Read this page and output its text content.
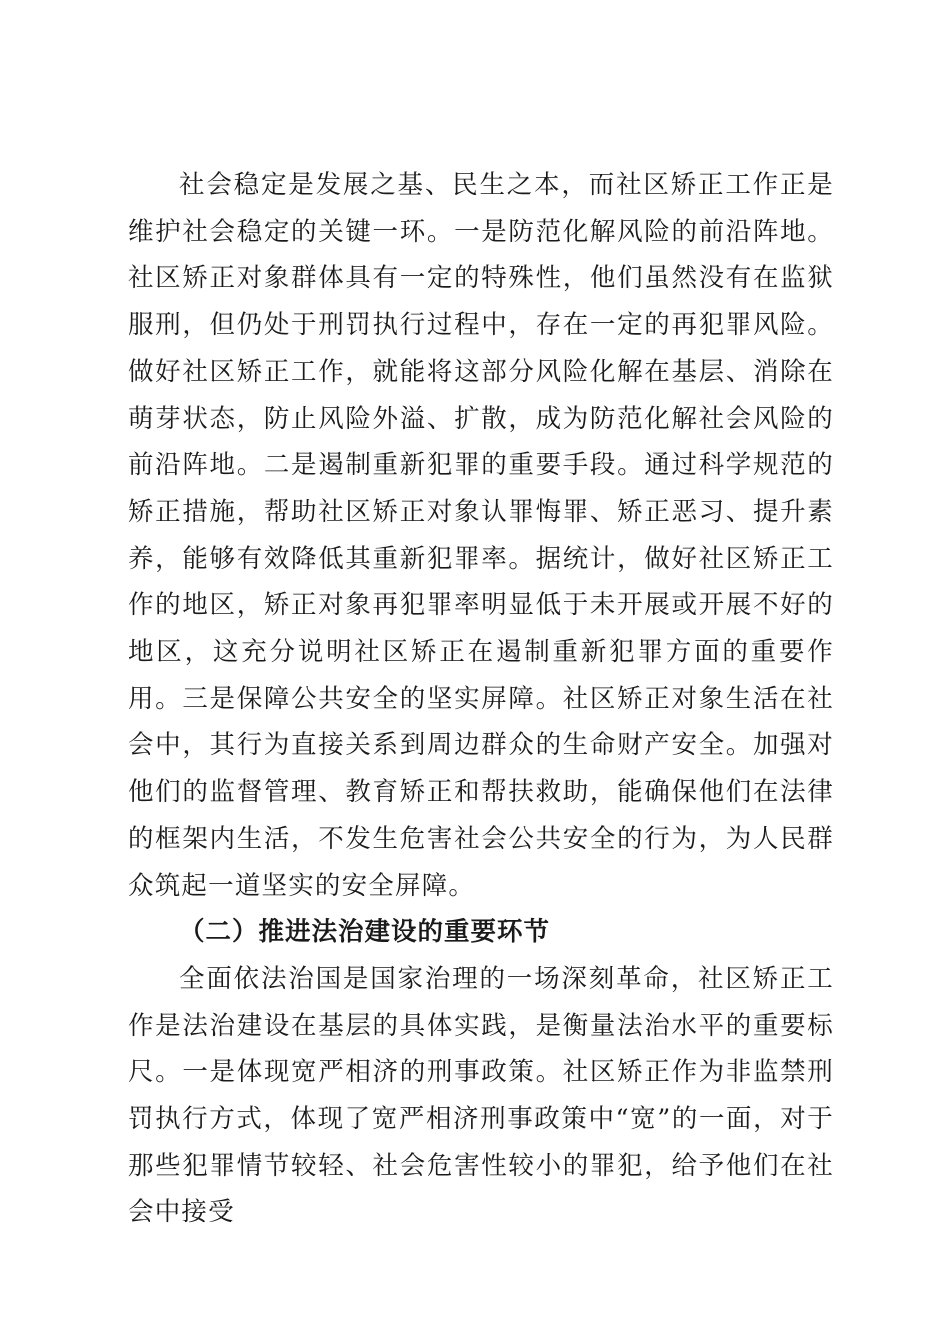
社会稳定是发展之基、民生之本，而社区矫正工作正是维护社会稳定的关键一环。一是防范化解风险的前沿阵地。社区矫正对象群体具有一定的特殊性，他们虽然没有在监狱服刑，但仍处于刑罚执行过程中，存在一定的再犯罪风险。做好社区矫正工作，就能将这部分风险化解在基层、消除在萌芽状态，防止风险外溢、扩散，成为防范化解社会风险的前沿阵地。二是遏制重新犯罪的重要手段。通过科学规范的矫正措施，帮助社区矫正对象认罪悔罪、矫正恶习、提升素养，能够有效降低其重新犯罪率。据统计，做好社区矫正工作的地区，矫正对象再犯罪率明显低于未开展或开展不好的地区，这充分说明社区矫正在遏制重新犯罪方面的重要作用。三是保障公共安全的坚实屏障。社区矫正对象生活在社会中，其行为直接关系到周边群众的生命财产安全。加强对他们的监督管理、教育矫正和帮扶救助，能确保他们在法律的框架内生活，不发生危害社会公共安全的行为，为人民群众筑起一道坚实的安全屏障。

（二）推进法治建设的重要环节

全面依法治国是国家治理的一场深刻革命，社区矫正工作是法治建设在基层的具体实践，是衡量法治水平的重要标尺。一是体现宽严相济的刑事政策。社区矫正作为非监禁刑罚执行方式，体现了宽严相济刑事政策中“宽”的一面，对于那些犯罪情节较轻、社会危害性较小的罪犯，给予他们在社会中接受
